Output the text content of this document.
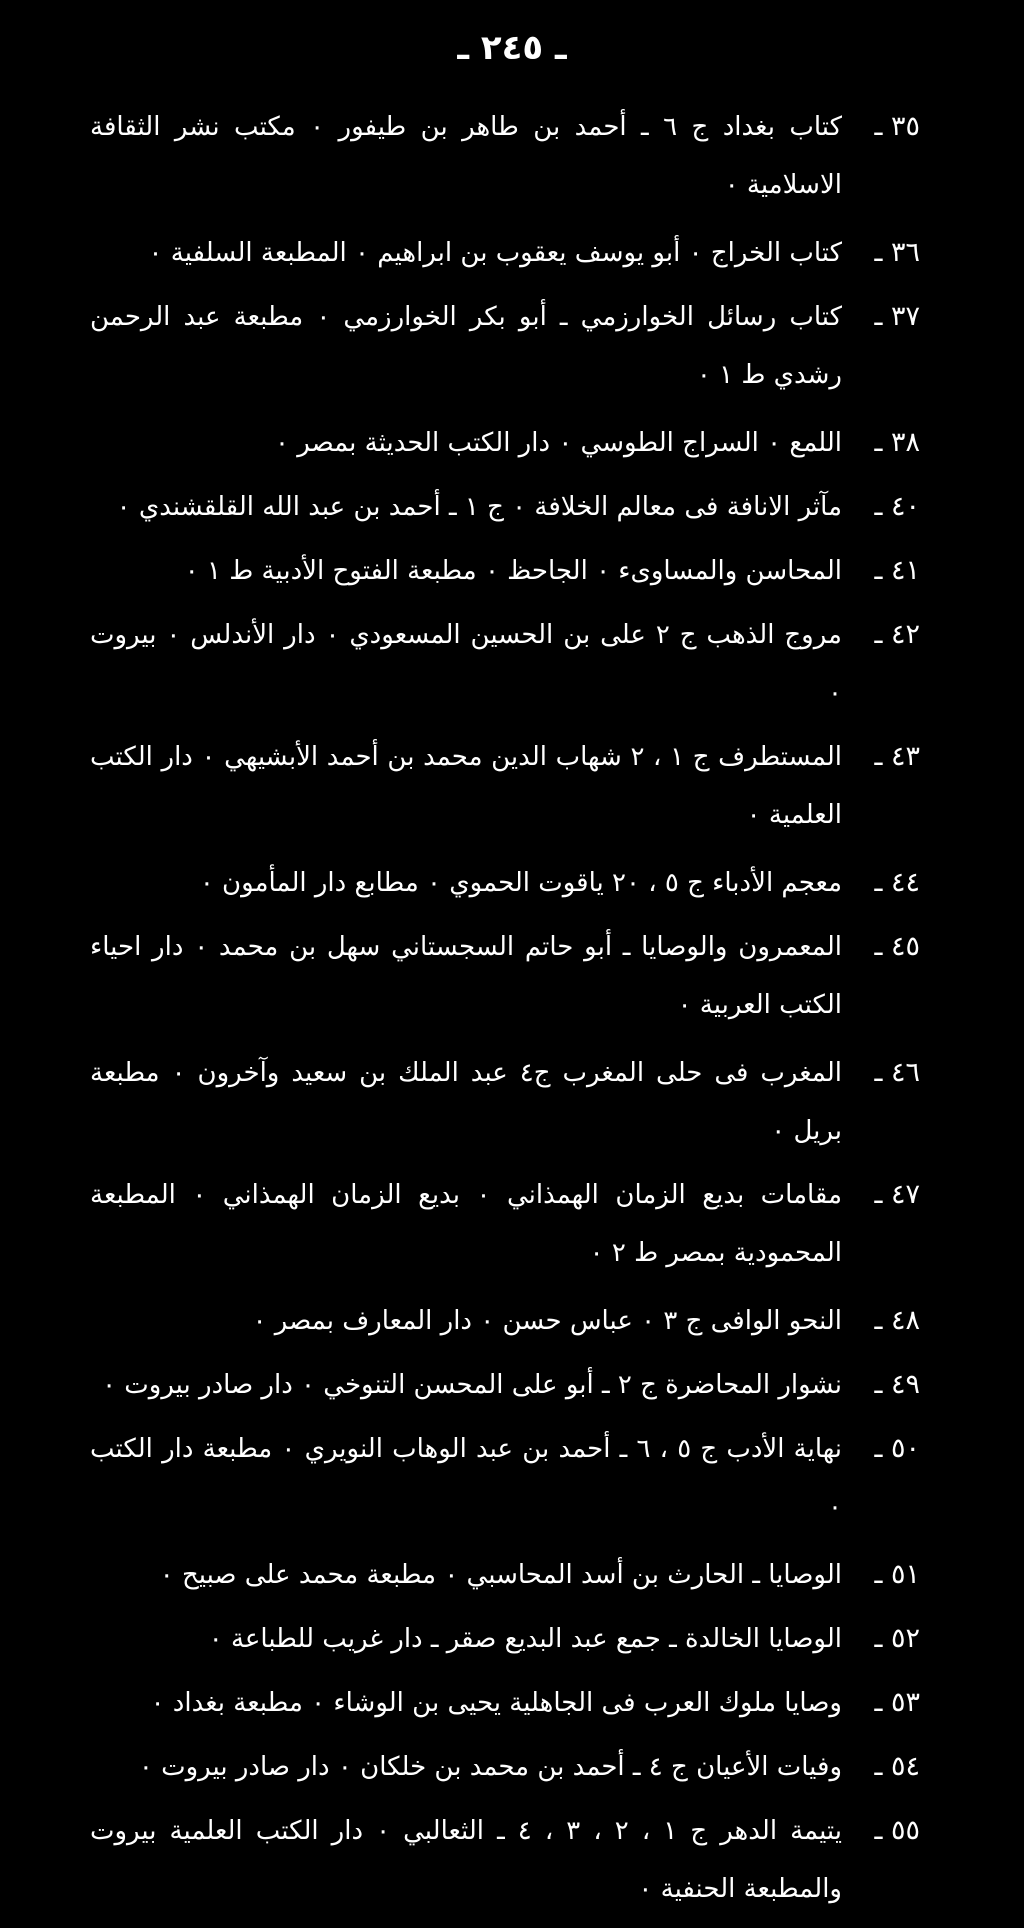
ـ ٢٤٥ ـ
٣٥ ـ
كتاب بغداد ج ٦ ـ أحمد بن طاهر بن طيفور ٠ مكتب نشر الثقافة الاسلامية ٠
٣٦ ـ
كتاب الخراج ٠ أبو يوسف يعقوب بن ابراهيم ٠ المطبعة السلفية ٠
٣٧ ـ
كتاب رسائل الخوارزمي ـ أبو بكر الخوارزمي ٠ مطبعة عبد الرحمن رشدي ط ١ ٠
٣٨ ـ
اللمع ٠ السراج الطوسي ٠ دار الكتب الحديثة بمصر ٠
٤٠ ـ
مآثر الانافة فى معالم الخلافة ٠ ج ١ ـ أحمد بن عبد الله القلقشندي ٠
٤١ ـ
المحاسن والمساوىء ٠ الجاحظ ٠ مطبعة الفتوح الأدبية ط ١ ٠
٤٢ ـ
مروج الذهب ج ٢ على بن الحسين المسعودي ٠ دار الأندلس ٠ بيروت ٠
٤٣ ـ
المستطرف ج ١ ، ٢ شهاب الدين محمد بن أحمد الأبشيهي ٠ دار الكتب العلمية ٠
٤٤ ـ
معجم الأدباء ج ٥ ، ٢٠ ياقوت الحموي ٠ مطابع دار المأمون ٠
٤٥ ـ
المعمرون والوصايا ـ أبو حاتم السجستاني سهل بن محمد ٠ دار احياء الكتب العربية ٠
٤٦ ـ
المغرب فى حلى المغرب ج٤ عبد الملك بن سعيد وآخرون ٠ مطبعة بريل ٠
٤٧ ـ
مقامات بديع الزمان الهمذاني ٠ بديع الزمان الهمذاني ٠ المطبعة المحمودية بمصر ط ٢ ٠
٤٨ ـ
النحو الوافى ج ٣ ٠ عباس حسن ٠ دار المعارف بمصر ٠
٤٩ ـ
نشوار المحاضرة ج ٢ ـ أبو على المحسن التنوخي ٠ دار صادر بيروت ٠
٥٠ ـ
نهاية الأدب ج ٥ ، ٦ ـ أحمد بن عبد الوهاب النويري ٠ مطبعة دار الكتب ٠
٥١ ـ
الوصايا ـ الحارث بن أسد المحاسبي ٠ مطبعة محمد على صبيح ٠
٥٢ ـ
الوصايا الخالدة ـ جمع عبد البديع صقر ـ دار غريب للطباعة ٠
٥٣ ـ
وصايا ملوك العرب فى الجاهلية يحيى بن الوشاء ٠ مطبعة بغداد ٠
٥٤ ـ
وفيات الأعيان ج ٤ ـ أحمد بن محمد بن خلكان ٠ دار صادر بيروت ٠
٥٥ ـ
يتيمة الدهر ج ١ ، ٢ ، ٣ ، ٤ ـ الثعالبي ٠ دار الكتب العلمية بيروت والمطبعة الحنفية ٠
